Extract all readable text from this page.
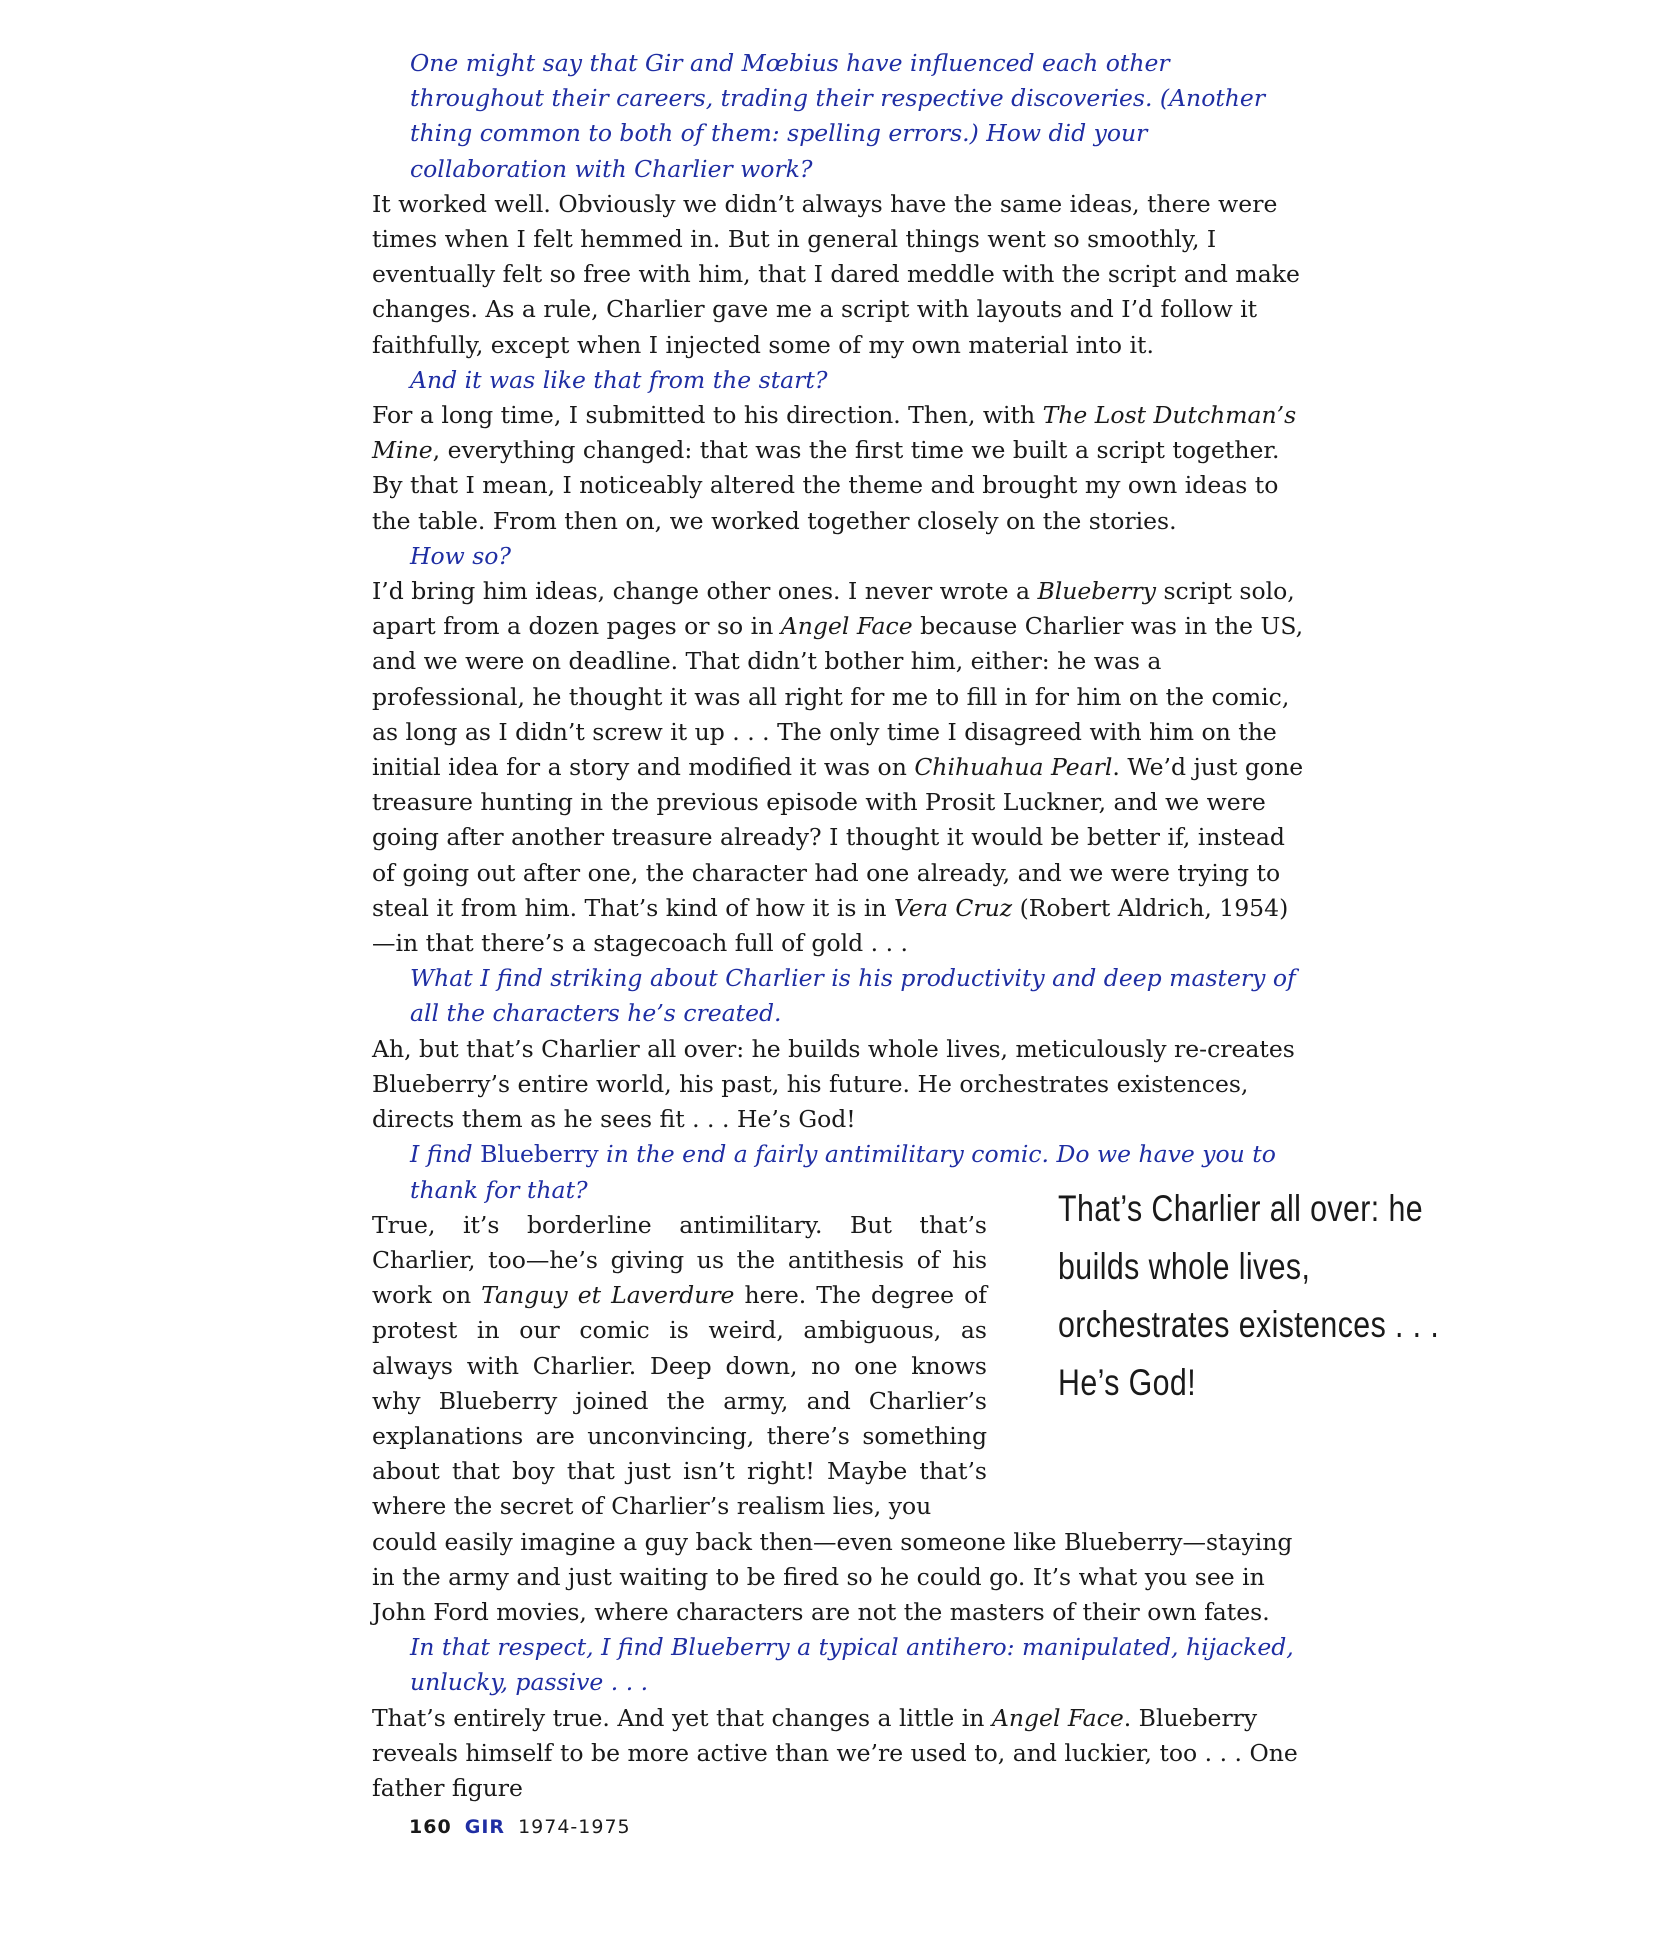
One might say that Gir and Mœbius have influenced each other throughout their careers, trading their respective discoveries. (Another thing common to both of them: spelling errors.) How did your collaboration with Charlier work?

It worked well. Obviously we didn’t always have the same ideas, there were times when I felt hemmed in. But in general things went so smoothly, I eventually felt so free with him, that I dared meddle with the script and make changes. As a rule, Charlier gave me a script with layouts and I’d follow it faithfully, except when I injected some of my own material into it.

And it was like that from the start?

For a long time, I submitted to his direction. Then, with The Lost Dutchman’s Mine, everything changed: that was the first time we built a script together. By that I mean, I noticeably altered the theme and brought my own ideas to the table. From then on, we worked together closely on the stories.

How so?

I’d bring him ideas, change other ones. I never wrote a Blueberry script solo, apart from a dozen pages or so in Angel Face because Charlier was in the US, and we were on deadline. That didn’t bother him, either: he was a professional, he thought it was all right for me to fill in for him on the comic, as long as I didn’t screw it up . . . The only time I disagreed with him on the initial idea for a story and modified it was on Chihuahua Pearl. We’d just gone treasure hunting in the previous episode with Prosit Luckner, and we were going after another treasure already? I thought it would be better if, instead of going out after one, the character had one already, and we were trying to steal it from him. That’s kind of how it is in Vera Cruz (Robert Aldrich, 1954)—in that there’s a stagecoach full of gold . . .

What I find striking about Charlier is his productivity and deep mastery of all the characters he’s created.

Ah, but that’s Charlier all over: he builds whole lives, meticulously re-creates Blueberry’s entire world, his past, his future. He orchestrates existences, directs them as he sees fit . . . He’s God!

I find Blueberry in the end a fairly antimilitary comic. Do we have you to thank for that?

True, it’s borderline antimilitary. But that’s Charlier, too—he’s giving us the antithesis of his work on Tanguy et Laverdure here. The degree of protest in our comic is weird, ambiguous, as always with Charlier. Deep down, no one knows why Blueberry joined the army, and Charlier’s explanations are unconvincing, there’s something about that boy that just isn’t right! Maybe that’s where the secret of Charlier’s realism lies, you
could easily imagine a guy back then—even someone like Blueberry—staying in the army and just waiting to be fired so he could go. It’s what you see in John Ford movies, where characters are not the masters of their own fates.

In that respect, I find Blueberry a typical antihero: manipulated, hijacked, unlucky, passive . . .

That’s entirely true. And yet that changes a little in Angel Face. Blueberry reveals himself to be more active than we’re used to, and luckier, too . . . One father figure

That’s Charlier all over: he builds whole lives, orchestrates existences . . . He’s God!
160 GIR 1974-1975
